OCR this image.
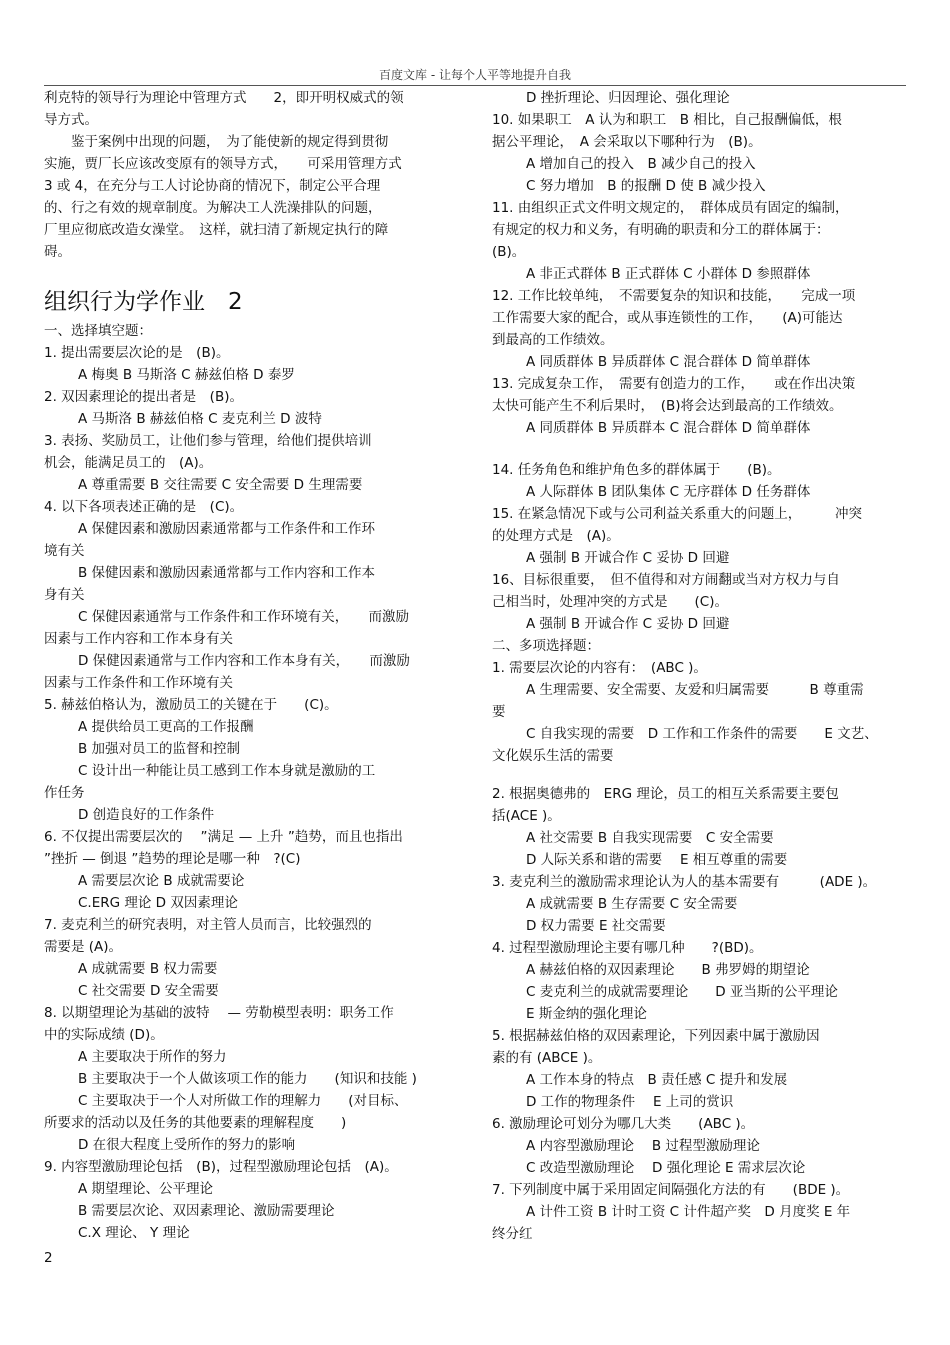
百度文库 - 让每个人平等地提升自我
利克特的领导行为理论中管理方式　　2，即开明权威式的领
导方式。
　　鉴于案例中出现的问题，　为了能使新的规定得到贯彻
实施，贾厂长应该改变原有的领导方式，　　可采用管理方式
3 或 4，在充分与工人讨论协商的情况下，制定公平合理
的、行之有效的规章制度。为解决工人洗澡排队的问题，
厂里应彻底改造女澡堂。　这样，就扫清了新规定执行的障
碍。
组织行为学作业　2
一、选择填空题：
1. 提出需要层次论的是　(B)。
A 梅奥 B 马斯洛 C 赫兹伯格 D 泰罗
2. 双因素理论的提出者是　(B)。
A 马斯洛 B 赫兹伯格 C 麦克利兰 D 波特
3. 表扬、奖励员工，让他们参与管理，给他们提供培训
机会，能满足员工的　(A)。
A 尊重需要 B 交往需要 C 安全需要 D 生理需要
4. 以下各项表述正确的是　(C)。
A 保健因素和激励因素通常都与工作条件和工作环
境有关
B 保健因素和激励因素通常都与工作内容和工作本
身有关
C 保健因素通常与工作条件和工作环境有关，　　而激励
因素与工作内容和工作本身有关
D 保健因素通常与工作内容和工作本身有关，　　而激励
因素与工作条件和工作环境有关
5. 赫兹伯格认为，激励员工的关键在于　　(C)。
A 提供给员工更高的工作报酬
B 加强对员工的监督和控制
C 设计出一种能让员工感到工作本身就是激励的工
作任务
D 创造良好的工作条件
6. 不仅提出需要层次的　 ”满足 — 上升 ”趋势，而且也指出
”挫折 — 倒退 ”趋势的理论是哪一种　?(C)
A 需要层次论 B 成就需要论
C.ERG 理论 D 双因素理论
7. 麦克利兰的研究表明，对主管人员而言，比较强烈的
需要是 (A)。
A 成就需要 B 权力需要
C 社交需要 D 安全需要
8. 以期望理论为基础的波特　 — 劳勒模型表明：职务工作
中的实际成绩 (D)。
A 主要取决于所作的努力
B 主要取决于一个人做该项工作的能力　　(知识和技能 )
C 主要取决于一个人对所做工作的理解力　　(对目标、
所要求的活动以及任务的其他要素的理解程度　　)
D 在很大程度上受所作的努力的影响
9. 内容型激励理论包括　(B)，过程型激励理论包括　(A)。
A 期望理论、公平理论
B 需要层次论、双因素理论、激励需要理论
C.X 理论、 Y 理论
D 挫折理论、归因理论、强化理论
10. 如果职工　A 认为和职工　B 相比，自己报酬偏低，根
据公平理论，　A 会采取以下哪种行为　(B)。
A 增加自己的投入　B 减少自己的投入
C 努力增加　B 的报酬 D 使 B 减少投入
11. 由组织正式文件明文规定的，　群体成员有固定的编制，
有规定的权力和义务，有明确的职责和分工的群体属于：
(B)。
A 非正式群体 B 正式群体 C 小群体 D 参照群体
12. 工作比较单纯，　不需要复杂的知识和技能，　　完成一项
工作需要大家的配合，或从事连锁性的工作，　　(A)可能达
到最高的工作绩效。
A 同质群体 B 异质群体 C 混合群体 D 简单群体
13. 完成复杂工作，　需要有创造力的工作，　　或在作出决策
太快可能产生不利后果时，　(B)将会达到最高的工作绩效。
A 同质群体 B 异质群本 C 混合群体 D 简单群体
14. 任务角色和维护角色多的群体属于　　(B)。
A 人际群体 B 团队集体 C 无序群体 D 任务群体
15. 在紧急情况下或与公司利益关系重大的问题上，　　　冲突
的处理方式是　(A)。
A 强制 B 开诚合作 C 妥协 D 回避
16、目标很重要，　但不值得和对方闹翻或当对方权力与自
己相当时，处理冲突的方式是　　(C)。
A 强制 B 开诚合作 C 妥协 D 回避
二、多项选择题：
1. 需要层次论的内容有：　(ABC )。
A 生理需要、安全需要、友爱和归属需要　　　B 尊重需
要
C 自我实现的需要　D 工作和工作条件的需要　　E 文艺、
文化娱乐生活的需要
2. 根据奥德弗的　ERG 理论，员工的相互关系需要主要包
括(ACE )。
A 社交需要 B 自我实现需要　C 安全需要
D 人际关系和谐的需要　 E 相互尊重的需要
3. 麦克利兰的激励需求理论认为人的基本需要有　　　(ADE )。
A 成就需要 B 生存需要 C 安全需要
D 权力需要 E 社交需要
4. 过程型激励理论主要有哪几种　　?(BD)。
A 赫兹伯格的双因素理论　　B 弗罗姆的期望论
C 麦克利兰的成就需要理论　　D 亚当斯的公平理论
E 斯金纳的强化理论
5. 根据赫兹伯格的双因素理论，下列因素中属于激励因
素的有 (ABCE )。
A 工作本身的特点　B 责任感 C 提升和发展
D 工作的物理条件　 E 上司的赏识
6. 激励理论可划分为哪几大类　　(ABC )。
A 内容型激励理论　 B 过程型激励理论
C 改造型激励理论　 D 强化理论 E 需求层次论
7. 下列制度中属于采用固定间隔强化方法的有　　(BDE )。
A 计件工资 B 计时工资 C 计件超产奖　D 月度奖 E 年
终分红
2
